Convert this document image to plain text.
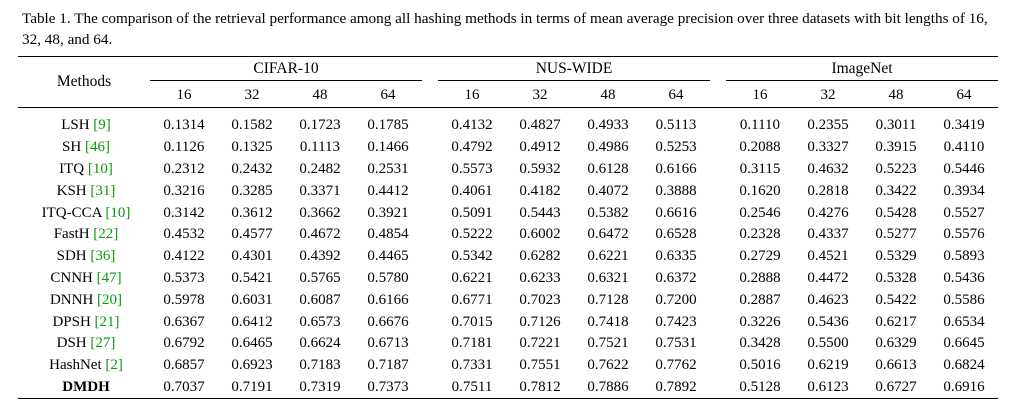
Table 1. The comparison of the retrieval performance among all hashing methods in terms of mean average precision over three datasets with bit lengths of 16, 32, 48, and 64.
Methods	CIFAR-10					NUS-WIDE					ImageNet			

	16	32	48	64		16	32	48	64		16	32	48	64

LSH [9]	0.1314	0.1582	0.1723	0.1785		0.4132	0.4827	0.4933	0.5113		0.1110	0.2355	0.3011	0.3419
SH [46]	0.1126	0.1325	0.1113	0.1466		0.4792	0.4912	0.4986	0.5253		0.2088	0.3327	0.3915	0.4110
ITQ [10]	0.2312	0.2432	0.2482	0.2531		0.5573	0.5932	0.6128	0.6166		0.3115	0.4632	0.5223	0.5446
KSH [31]	0.3216	0.3285	0.3371	0.4412		0.4061	0.4182	0.4072	0.3888		0.1620	0.2818	0.3422	0.3934
ITQ-CCA [10]	0.3142	0.3612	0.3662	0.3921		0.5091	0.5443	0.5382	0.6616		0.2546	0.4276	0.5428	0.5527
FastH [22]	0.4532	0.4577	0.4672	0.4854		0.5222	0.6002	0.6472	0.6528		0.2328	0.4337	0.5277	0.5576
SDH [36]	0.4122	0.4301	0.4392	0.4465		0.5342	0.6282	0.6221	0.6335		0.2729	0.4521	0.5329	0.5893
CNNH [47]	0.5373	0.5421	0.5765	0.5780		0.6221	0.6233	0.6321	0.6372		0.2888	0.4472	0.5328	0.5436
DNNH [20]	0.5978	0.6031	0.6087	0.6166		0.6771	0.7023	0.7128	0.7200		0.2887	0.4623	0.5422	0.5586
DPSH [21]	0.6367	0.6412	0.6573	0.6676		0.7015	0.7126	0.7418	0.7423		0.3226	0.5436	0.6217	0.6534
DSH [27]	0.6792	0.6465	0.6624	0.6713		0.7181	0.7221	0.7521	0.7531		0.3428	0.5500	0.6329	0.6645
HashNet [2]	0.6857	0.6923	0.7183	0.7187		0.7331	0.7551	0.7622	0.7762		0.5016	0.6219	0.6613	0.6824
DMDH	0.7037	0.7191	0.7319	0.7373		0.7511	0.7812	0.7886	0.7892		0.5128	0.6123	0.6727	0.6916
